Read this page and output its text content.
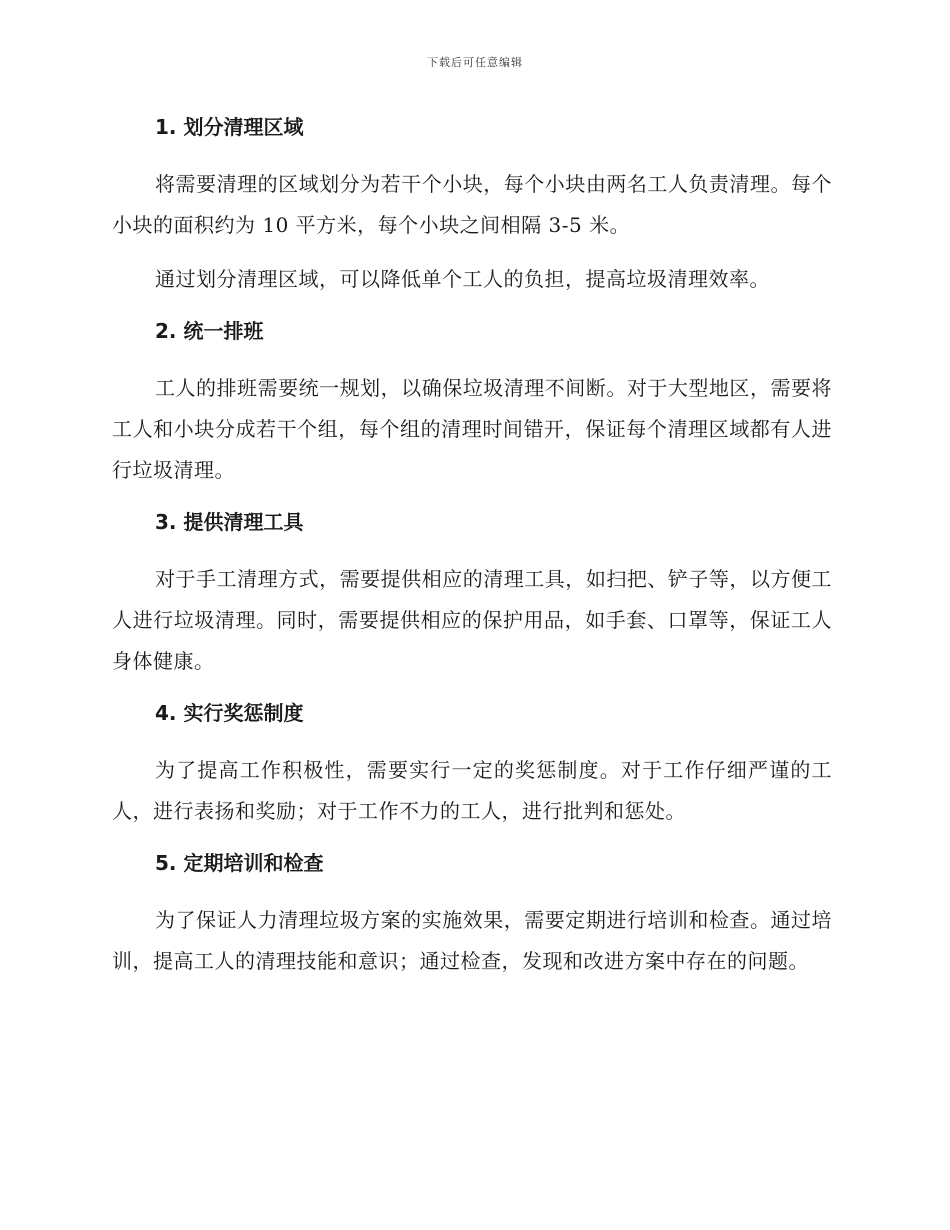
下载后可任意编辑
1. 划分清理区域

将需要清理的区域划分为若干个小块，每个小块由两名工人负责清理。每个小块的面积约为 10 平方米，每个小块之间相隔 3-5 米。

通过划分清理区域，可以降低单个工人的负担，提高垃圾清理效率。

2. 统一排班

工人的排班需要统一规划，以确保垃圾清理不间断。对于大型地区，需要将工人和小块分成若干个组，每个组的清理时间错开，保证每个清理区域都有人进行垃圾清理。

3. 提供清理工具

对于手工清理方式，需要提供相应的清理工具，如扫把、铲子等，以方便工人进行垃圾清理。同时，需要提供相应的保护用品，如手套、口罩等，保证工人身体健康。

4. 实行奖惩制度

为了提高工作积极性，需要实行一定的奖惩制度。对于工作仔细严谨的工人，进行表扬和奖励；对于工作不力的工人，进行批判和惩处。

5. 定期培训和检查

为了保证人力清理垃圾方案的实施效果，需要定期进行培训和检查。通过培训，提高工人的清理技能和意识；通过检查，发现和改进方案中存在的问题。
